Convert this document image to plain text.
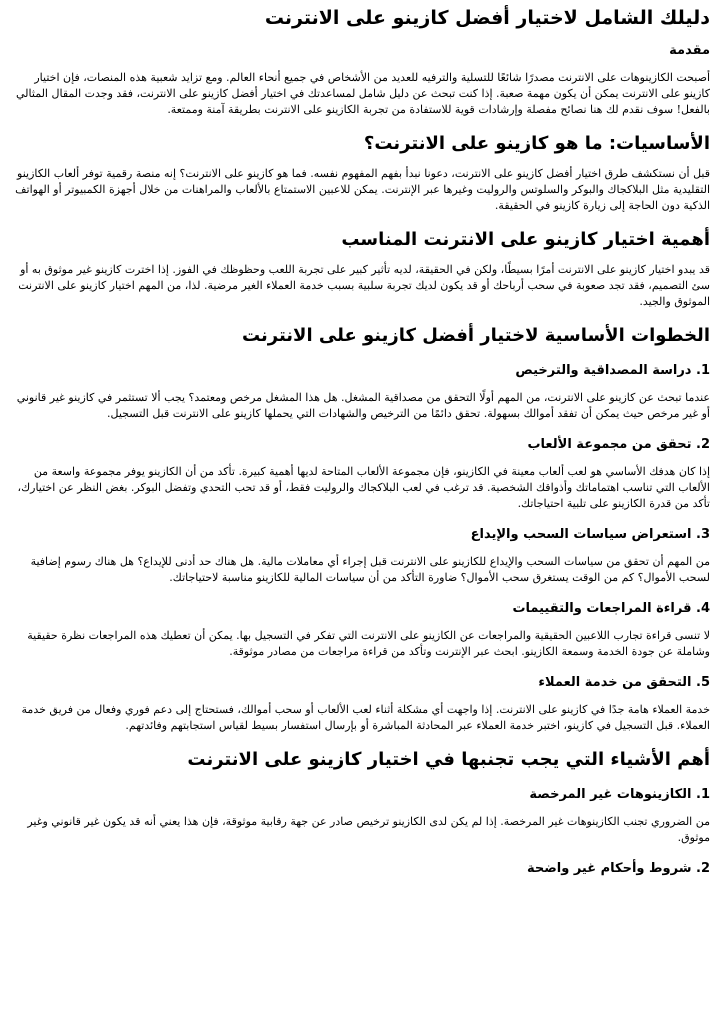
دليلك الشامل لاختيار أفضل كازينو على الانترنت
مقدمة

أصبحت الكازينوهات على الانترنت مصدرًا شائعًا للتسلية والترفيه للعديد من الأشخاص في جميع أنحاء العالم. ومع تزايد شعبية هذه المنصات، فإن اختيار كازينو على الانترنت يمكن أن يكون مهمة صعبة. إذا كنت تبحث عن دليل شامل لمساعدتك في اختيار أفضل كازينو على الانترنت، فقد وجدت المقال المثالي بالفعل! سوف نقدم لك هنا نصائح مفصلة وإرشادات قوية للاستفادة من تجربة الكازينو على الانترنت بطريقة آمنة وممتعة.

الأساسيات: ما هو كازينو على الانترنت؟

قبل أن نستكشف طرق اختيار أفضل كازينو على الانترنت، دعونا نبدأ بفهم المفهوم نفسه. فما هو كازينو على الانترنت؟ إنه منصة رقمية توفر ألعاب الكازينو التقليدية مثل البلاكجاك والبوكر والسلوتس والروليت وغيرها عبر الإنترنت. يمكن للاعبين الاستمتاع بالألعاب والمراهنات من خلال أجهزة الكمبيوتر أو الهواتف الذكية دون الحاجة إلى زيارة كازينو في الحقيقة.

أهمية اختيار كازينو على الانترنت المناسب

قد يبدو اختيار كازينو على الانترنت أمرًا بسيطًا، ولكن في الحقيقة، لديه تأثير كبير على تجربة اللعب وحظوظك في الفوز. إذا اخترت كازينو غير موثوق به أو سئ التصميم، فقد تجد صعوبة في سحب أرباحك أو قد يكون لديك تجربة سلبية بسبب خدمة العملاء الغير مرضية. لذا، من المهم اختيار كازينو على الانترنت الموثوق والجيد.

الخطوات الأساسية لاختيار أفضل كازينو على الانترنت
1. دراسة المصداقية والترخيص

عندما تبحث عن كازينو على الانترنت، من المهم أولًا التحقق من مصداقية المشغل. هل هذا المشغل مرخص ومعتمد؟ يجب ألا تستثمر في كازينو غير قانوني أو غير مرخص حيث يمكن أن تفقد أموالك بسهولة. تحقق دائمًا من الترخيص والشهادات التي يحملها كازينو على الانترنت قبل التسجيل.

2. تحقق من مجموعة الألعاب

إذا كان هدفك الأساسي هو لعب ألعاب معينة في الكازينو، فإن مجموعة الألعاب المتاحة لديها أهمية كبيرة. تأكد من أن الكازينو يوفر مجموعة واسعة من الألعاب التي تناسب اهتماماتك وأذواقك الشخصية. قد ترغب في لعب البلاكجاك والروليت فقط، أو قد تحب التحدي وتفضل البوكر. بغض النظر عن اختيارك، تأكد من قدرة الكازينو على تلبية احتياجاتك.

3. استعراض سياسات السحب والإيداع

من المهم أن تحقق من سياسات السحب والإيداع للكازينو على الانترنت قبل إجراء أي معاملات مالية. هل هناك حد أدنى للإيداع؟ هل هناك رسوم إضافية لسحب الأموال؟ كم من الوقت يستغرق سحب الأموال؟ ضاورة التأكد من أن سياسات المالية للكازينو مناسبة لاحتياجاتك.

4. قراءة المراجعات والتقييمات

لا تنسى قراءة تجارب اللاعبين الحقيقية والمراجعات عن الكازينو على الانترنت التي تفكر في التسجيل بها. يمكن أن تعطيك هذه المراجعات نظرة حقيقية وشاملة عن جودة الخدمة وسمعة الكازينو. ابحث عبر الإنترنت وتأكد من قراءة مراجعات من مصادر موثوقة.

5. التحقق من خدمة العملاء

خدمة العملاء هامة جدًا في كازينو على الانترنت. إذا واجهت أي مشكلة أثناء لعب الألعاب أو سحب أموالك، فستحتاج إلى دعم فوري وفعال من فريق خدمة العملاء. قبل التسجيل في كازينو، اختبر خدمة العملاء عبر المحادثة المباشرة أو بإرسال استفسار بسيط لقياس استجابتهم وفائدتهم.

أهم الأشياء التي يجب تجنبها في اختيار كازينو على الانترنت
1. الكازينوهات غير المرخصة

من الضروري تجنب الكازينوهات غير المرخصة. إذا لم يكن لدى الكازينو ترخيص صادر عن جهة رقابية موثوقة، فإن هذا يعني أنه قد يكون غير قانوني وغير موثوق.

2. شروط وأحكام غير واضحة
